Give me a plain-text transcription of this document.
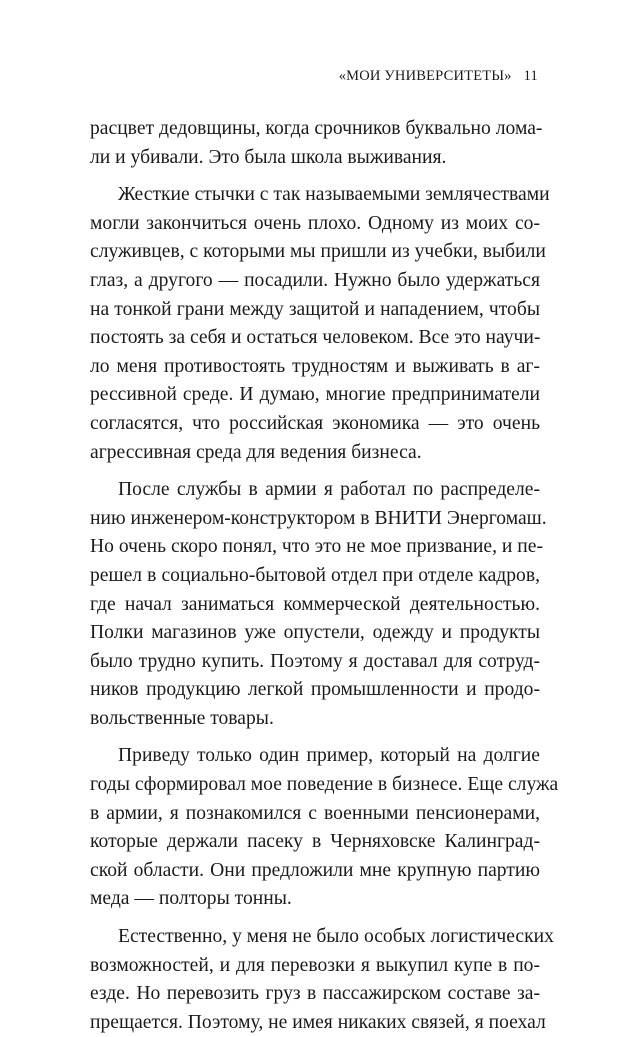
«МОИ УНИВЕРСИТЕТЫ» 11
расцвет дедовщины, когда срочников буквально лома-
ли и убивали. Это была школа выживания.
Жесткие стычки с так называемыми землячествами
могли закончиться очень плохо. Одному из моих со-
служивцев, с которыми мы пришли из учебки, выбили
глаз, а другого — посадили. Нужно было удержаться
на тонкой грани между защитой и нападением, чтобы
постоять за себя и остаться человеком. Все это научи-
ло меня противостоять трудностям и выживать в аг-
рессивной среде. И думаю, многие предприниматели
согласятся, что российская экономика — это очень
агрессивная среда для ведения бизнеса.
После службы в армии я работал по распределе-
нию инженером-конструктором в ВНИТИ Энергомаш.
Но очень скоро понял, что это не мое призвание, и пе-
решел в социально-бытовой отдел при отделе кадров,
где начал заниматься коммерческой деятельностью.
Полки магазинов уже опустели, одежду и продукты
было трудно купить. Поэтому я доставал для сотруд-
ников продукцию легкой промышленности и продо-
вольственные товары.
Приведу только один пример, который на долгие
годы сформировал мое поведение в бизнесе. Еще служа
в армии, я познакомился с военными пенсионерами,
которые держали пасеку в Черняховске Калинград-
ской области. Они предложили мне крупную партию
меда — полторы тонны.
Естественно, у меня не было особых логистических
возможностей, и для перевозки я выкупил купе в по-
езде. Но перевозить груз в пассажирском составе за-
прещается. Поэтому, не имея никаких связей, я поехал
